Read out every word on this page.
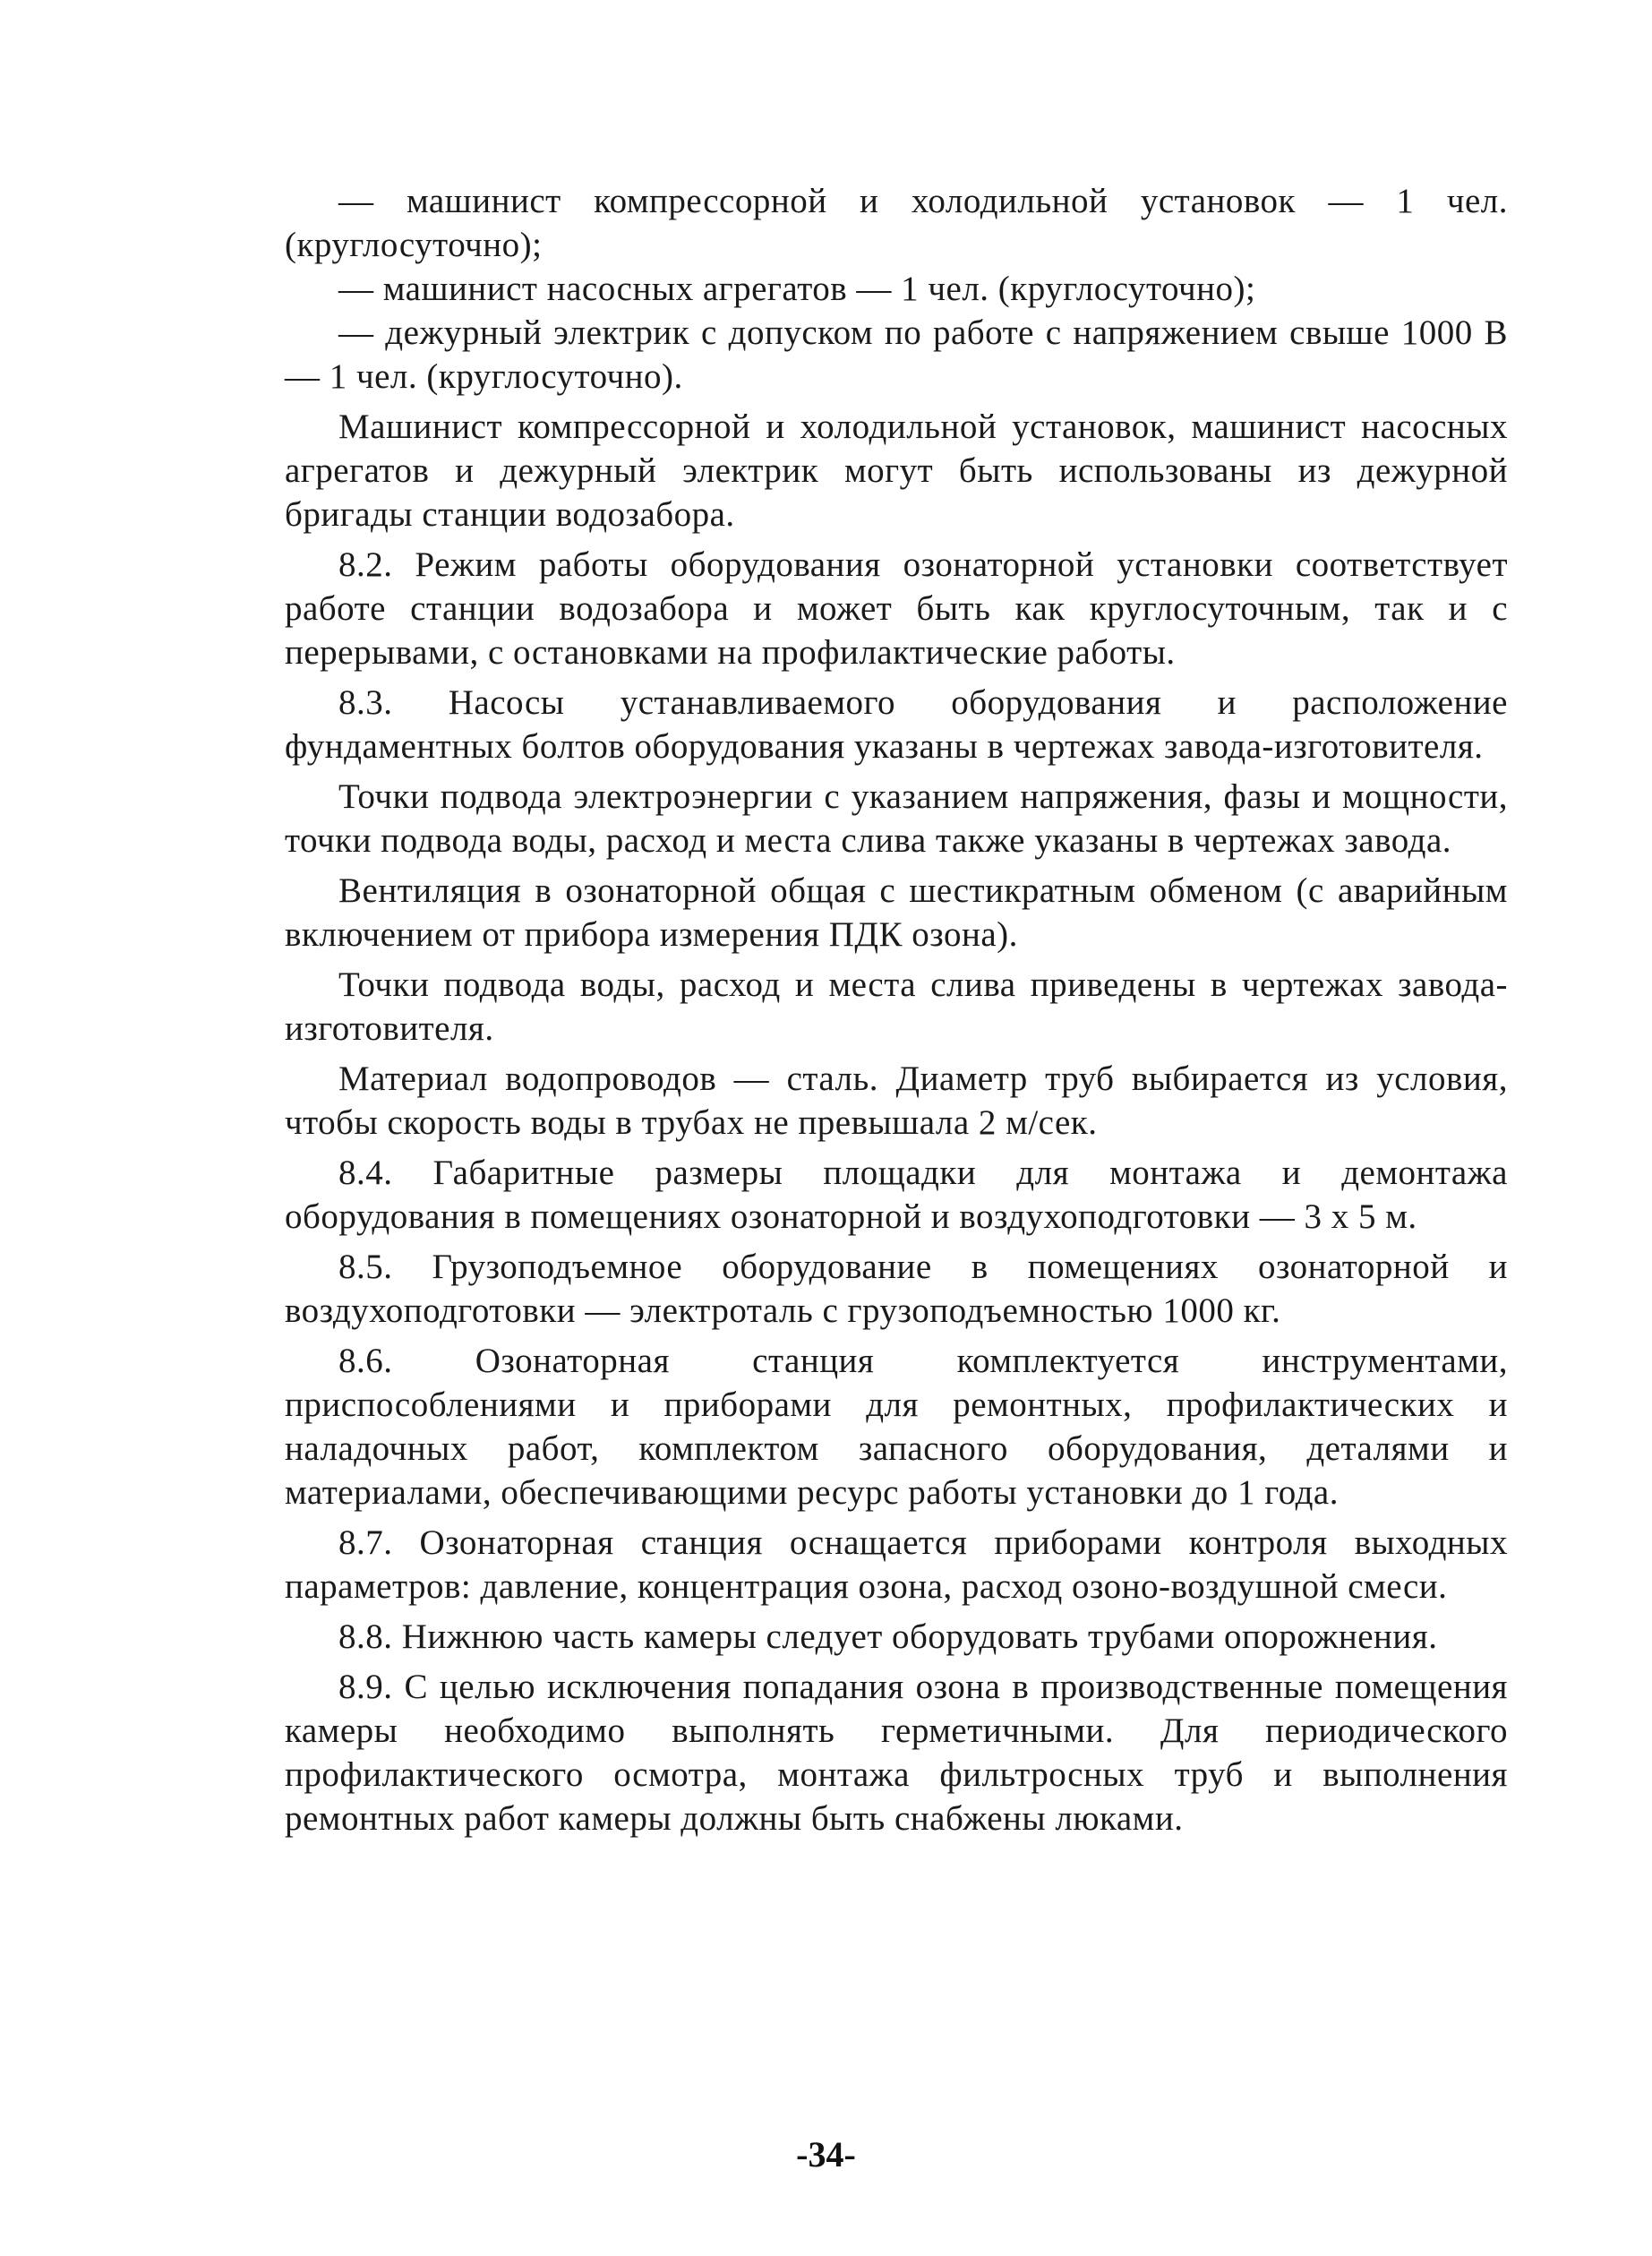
— машинист компрессорной и холодильной установок — 1 чел. (круглосуточно);

— машинист насосных агрегатов — 1 чел. (круглосуточно);

— дежурный электрик с допуском по работе с напряжением свыше 1000 В — 1 чел. (круглосуточно).

Машинист компрессорной и холодильной установок, машинист насосных агрегатов и дежурный электрик могут быть использованы из дежурной бригады станции водозабора.

8.2. Режим работы оборудования озонаторной установки соответствует работе станции водозабора и может быть как круглосуточным, так и с перерывами, с остановками на профилактические работы.

8.3. Насосы устанавливаемого оборудования и расположение фундаментных болтов оборудования указаны в чертежах завода-изготовителя.

Точки подвода электроэнергии с указанием напряжения, фазы и мощности, точки подвода воды, расход и места слива также указаны в чертежах завода.

Вентиляция в озонаторной общая с шестикратным обменом (с аварийным включением от прибора измерения ПДК озона).

Точки подвода воды, расход и места слива приведены в чертежах завода-изготовителя.

Материал водопроводов — сталь. Диаметр труб выбирается из условия, чтобы скорость воды в трубах не превышала 2 м/сек.

8.4. Габаритные размеры площадки для монтажа и демонтажа оборудования в помещениях озонаторной и воздухоподготовки — 3 х 5 м.

8.5. Грузоподъемное оборудование в помещениях озонаторной и воздухоподготовки — электроталь с грузоподъемностью 1000 кг.

8.6. Озонаторная станция комплектуется инструментами, приспособлениями и приборами для ремонтных, профилактических и наладочных работ, комплектом запасного оборудования, деталями и материалами, обеспечивающими ресурс работы установки до 1 года.

8.7. Озонаторная станция оснащается приборами контроля выходных параметров: давление, концентрация озона, расход озоно-воздушной смеси.

8.8. Нижнюю часть камеры следует оборудовать трубами опорожнения.

8.9. С целью исключения попадания озона в производственные помещения камеры необходимо выполнять герметичными. Для периодического профилактического осмотра, монтажа фильтросных труб и выполнения ремонтных работ камеры должны быть снабжены люками.

-34-
